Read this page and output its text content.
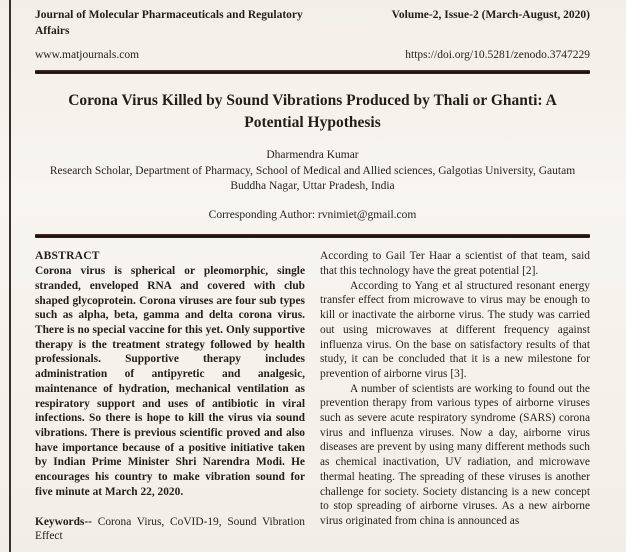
Journal of Molecular Pharmaceuticals and Regulatory Affairs
Volume-2, Issue-2 (March-August, 2020)
www.matjournals.com	https://doi.org/10.5281/zenodo.3747229
Corona Virus Killed by Sound Vibrations Produced by Thali or Ghanti: A Potential Hypothesis
Dharmendra Kumar
Research Scholar, Department of Pharmacy, School of Medical and Allied sciences, Galgotias University, Gautam Buddha Nagar, Uttar Pradesh, India
Corresponding Author: rvnimiet@gmail.com
ABSTRACT

Corona virus is spherical or pleomorphic, single stranded, enveloped RNA and covered with club shaped glycoprotein. Corona viruses are four sub types such as alpha, beta, gamma and delta corona virus. There is no special vaccine for this yet. Only supportive therapy is the treatment strategy followed by health professionals. Supportive therapy includes administration of antipyretic and analgesic, maintenance of hydration, mechanical ventilation as respiratory support and uses of antibiotic in viral infections. So there is hope to kill the virus via sound vibrations. There is previous scientific proved and also have importance because of a positive initiative taken by Indian Prime Minister Shri Narendra Modi. He encourages his country to make vibration sound for five minute at March 22, 2020.

Keywords-- Corona Virus, CoVID-19, Sound Vibration Effect

According to Gail Ter Haar a scientist of that team, said that this technology have the great potential [2].

According to Yang et al structured resonant energy transfer effect from microwave to virus may be enough to kill or inactivate the airborne virus. The study was carried out using microwaves at different frequency against influenza virus. On the base on satisfactory results of that study, it can be concluded that it is a new milestone for prevention of airborne virus [3].

A number of scientists are working to found out the prevention therapy from various types of airborne viruses such as severe acute respiratory syndrome (SARS) corona virus and influenza viruses. Now a day, airborne virus diseases are prevent by using many different methods such as chemical inactivation, UV radiation, and microwave thermal heating. The spreading of these viruses is another challenge for society. Society distancing is a new concept to stop spreading of airborne viruses. As a new airborne virus originated from china is announced as
